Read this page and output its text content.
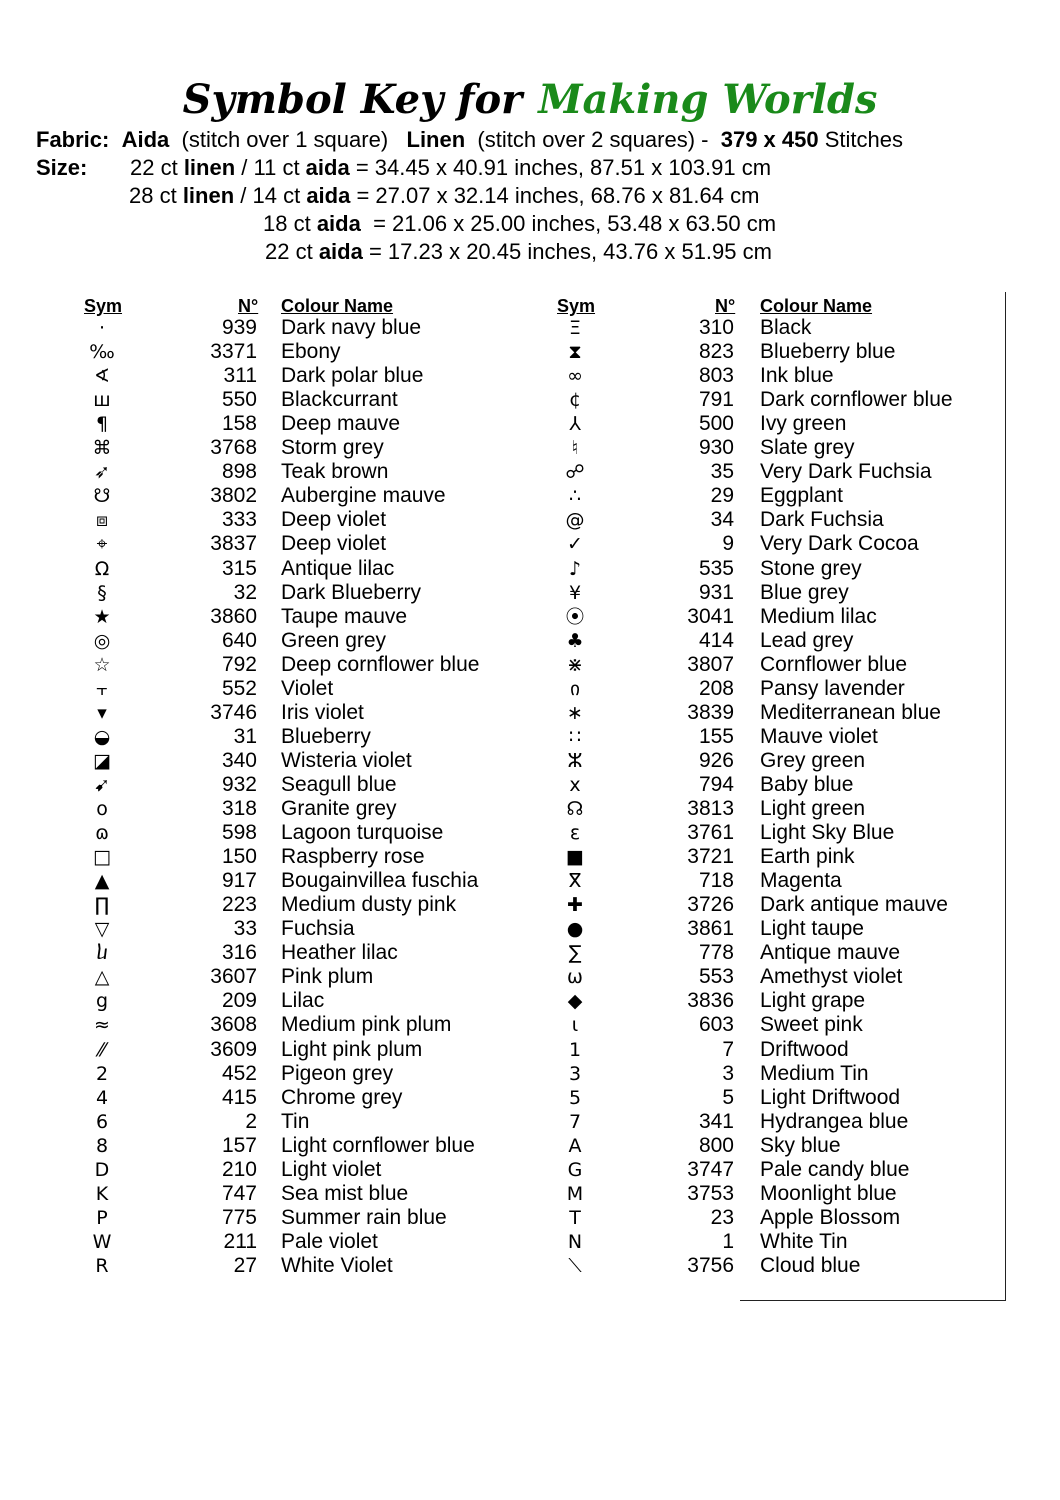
Symbol Key for Making Worlds
Fabric: Aida (stitch over 1 square) Linen (stitch over 2 squares) - 379 x 450 Stitches
Size: 22 ct linen / 11 ct aida = 34.45 x 40.91 inches, 87.51 x 103.91 cm
28 ct linen / 14 ct aida = 27.07 x 32.14 inches, 68.76 x 81.64 cm
18 ct aida  = 21.06 x 25.00 inches, 53.48 x 63.50 cm
22 ct aida = 17.23 x 20.45 inches, 43.76 x 51.95 cm
Sym	N° Colour Name	Sym	N° Colour Name
·	939 Dark navy blue
‰	3371 Ebony
∢	311 Dark polar blue
ш	550 Blackcurrant
¶	158 Deep mauve
⌘	3768 Storm grey
➶	898 Teak brown
☋	3802 Aubergine mauve
⧈	333 Deep violet
⌖	3837 Deep violet
Ω	315 Antique lilac
§	32 Dark Blueberry
★	3860 Taupe mauve
◎	640 Green grey
☆	792 Deep cornflower blue
⫟	552 Violet
▾	3746 Iris violet
◒	31 Blueberry
◪	340 Wisteria violet
➹	932 Seagull blue
o	318 Granite grey
ɷ	598 Lagoon turquoise
□	150 Raspberry rose
▲	917 Bougainvillea fuschia
∏	223 Medium dusty pink
▽	33 Fuchsia
ⴑ	316 Heather lilac
△	3607 Pink plum
g	209 Lilac
≈	3608 Medium pink plum
⁄⁄	3609 Light pink plum
2	452 Pigeon grey
4	415 Chrome grey
6	2 Tin
8	157 Light cornflower blue
D	210 Light violet
K	747 Sea mist blue
P	775 Summer rain blue
W	211 Pale violet
R	27 White Violet
Ξ	310 Black
⧗	823 Blueberry blue
∞	803 Ink blue
¢	791 Dark cornflower blue
⅄	500 Ivy green
♮	930 Slate grey
☍	35 Very Dark Fuchsia
∴	29 Eggplant
@	34 Dark Fuchsia
✓	9 Very Dark Cocoa
♪	535 Stone grey
¥	931 Blue grey
⦿	3041 Medium lilac
♣	414 Lead grey
⋇	3807 Cornflower blue
ი	208 Pansy lavender
∗	3839 Mediterranean blue
∷	155 Mauve violet
ⵣ	926 Grey green
x	794 Baby blue
☊	3813 Light green
ε	3761 Light Sky Blue
■	3721 Earth pink
ⴳ	718 Magenta
✚	3726 Dark antique mauve
●	3861 Light taupe
∑	778 Antique mauve
ѡ	553 Amethyst violet
◆	3836 Light grape
ɩ	603 Sweet pink
1	7 Driftwood
3	3 Medium Tin
5	5 Light Driftwood
7	341 Hydrangea blue
A	800 Sky blue
G	3747 Pale candy blue
M	3753 Moonlight blue
T	23 Apple Blossom
N	1 White Tin
⟍	3756 Cloud blue
